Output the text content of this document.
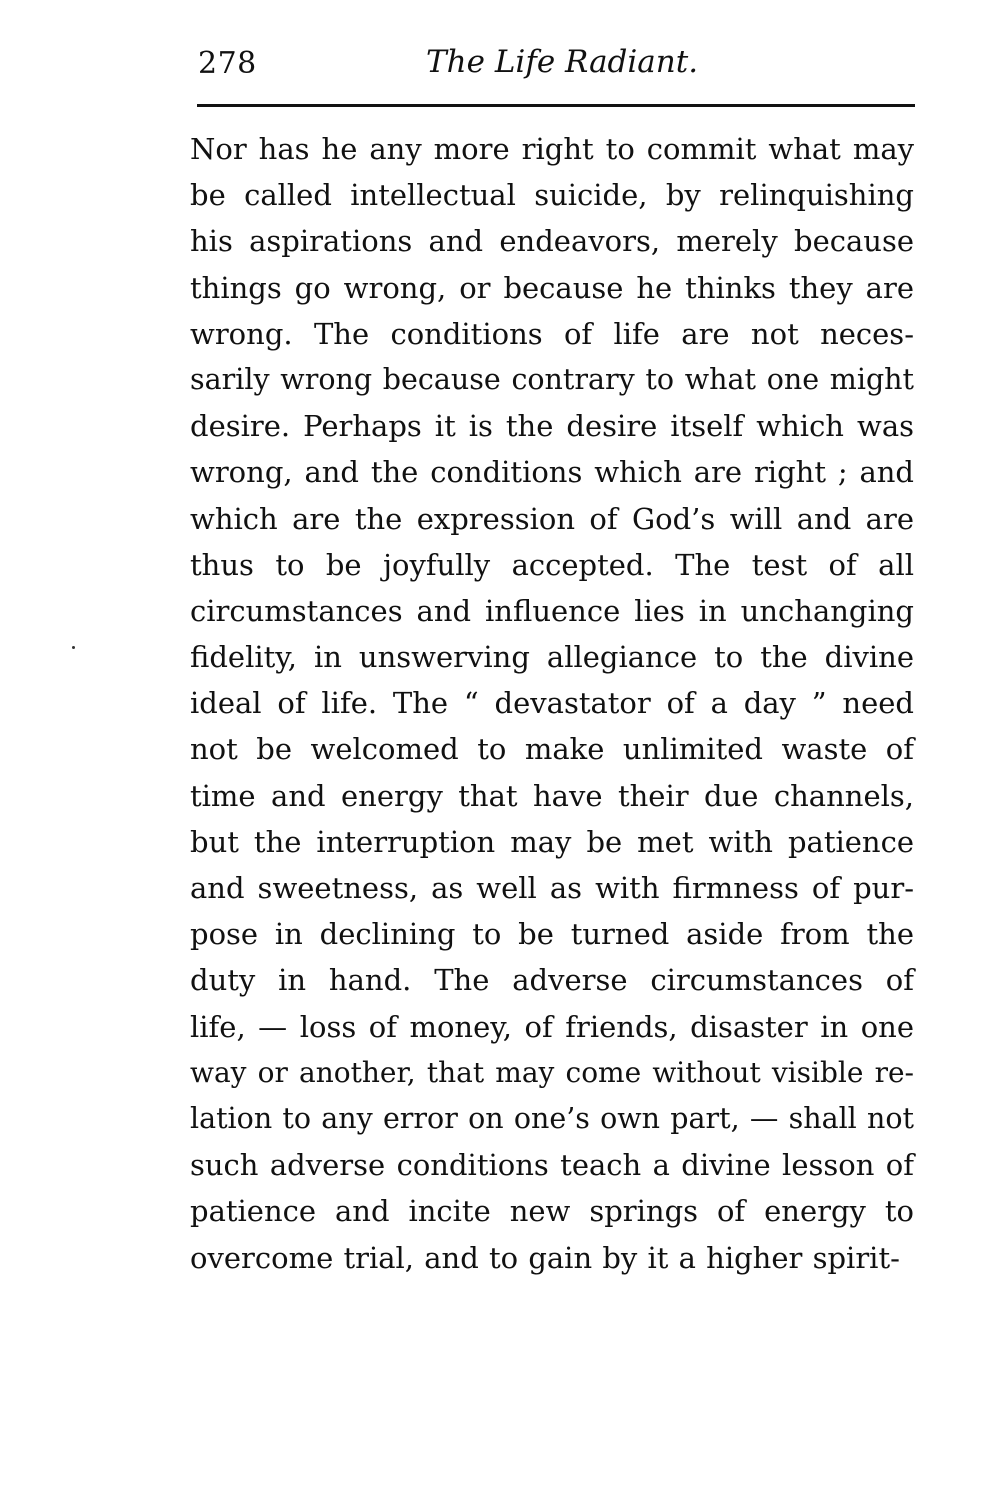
278	The Life Radiant.
Nor has he any more right to commit what may
be called intellectual suicide, by relinquishing
his aspirations and endeavors, merely because
things go wrong, or because he thinks they are
wrong. The conditions of life are not neces-
sarily wrong because contrary to what one might
desire. Perhaps it is the desire itself which was
wrong, and the conditions which are right ; and
which are the expression of God’s will and are
thus to be joyfully accepted. The test of all
circumstances and influence lies in unchanging
fidelity, in unswerving allegiance to the divine
ideal of life. The “ devastator of a day ” need
not be welcomed to make unlimited waste of
time and energy that have their due channels,
but the interruption may be met with patience
and sweetness, as well as with firmness of pur-
pose in declining to be turned aside from the
duty in hand. The adverse circumstances of
life, — loss of money, of friends, disaster in one
way or another, that may come without visible re-
lation to any error on one’s own part, — shall not
such adverse conditions teach a divine lesson of
patience and incite new springs of energy to
overcome trial, and to gain by it a higher spirit-
